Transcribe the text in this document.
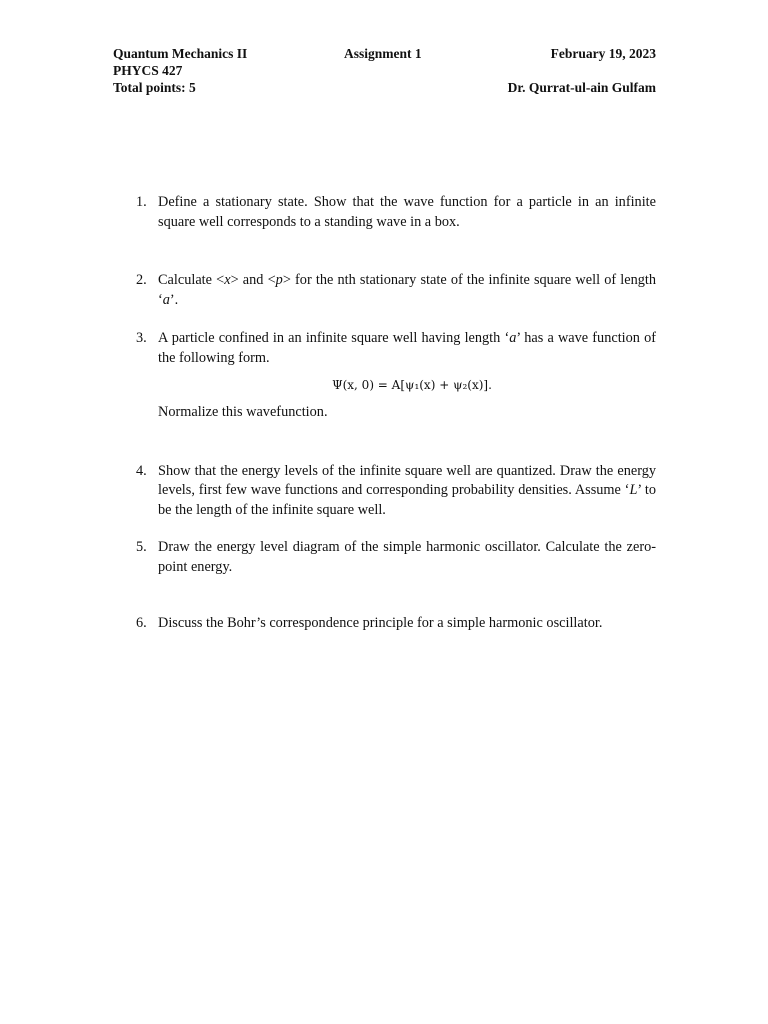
Quantum Mechanics II	Assignment 1	February 19, 2023
PHYCS 427
Total points: 5	Dr. Qurrat-ul-ain Gulfam
1. Define a stationary state. Show that the wave function for a particle in an infinite square well corresponds to a standing wave in a box.
2. Calculate <x> and <p> for the nth stationary state of the infinite square well of length ‘a’.
3. A particle confined in an infinite square well having length ‘a’ has a wave function of the following form.
Ψ(x, 0) = A[ψ₁(x) + ψ₂(x)].
Normalize this wavefunction.
4. Show that the energy levels of the infinite square well are quantized. Draw the energy levels, first few wave functions and corresponding probability densities. Assume ‘L’ to be the length of the infinite square well.
5. Draw the energy level diagram of the simple harmonic oscillator. Calculate the zero-point energy.
6. Discuss the Bohr’s correspondence principle for a simple harmonic oscillator.
